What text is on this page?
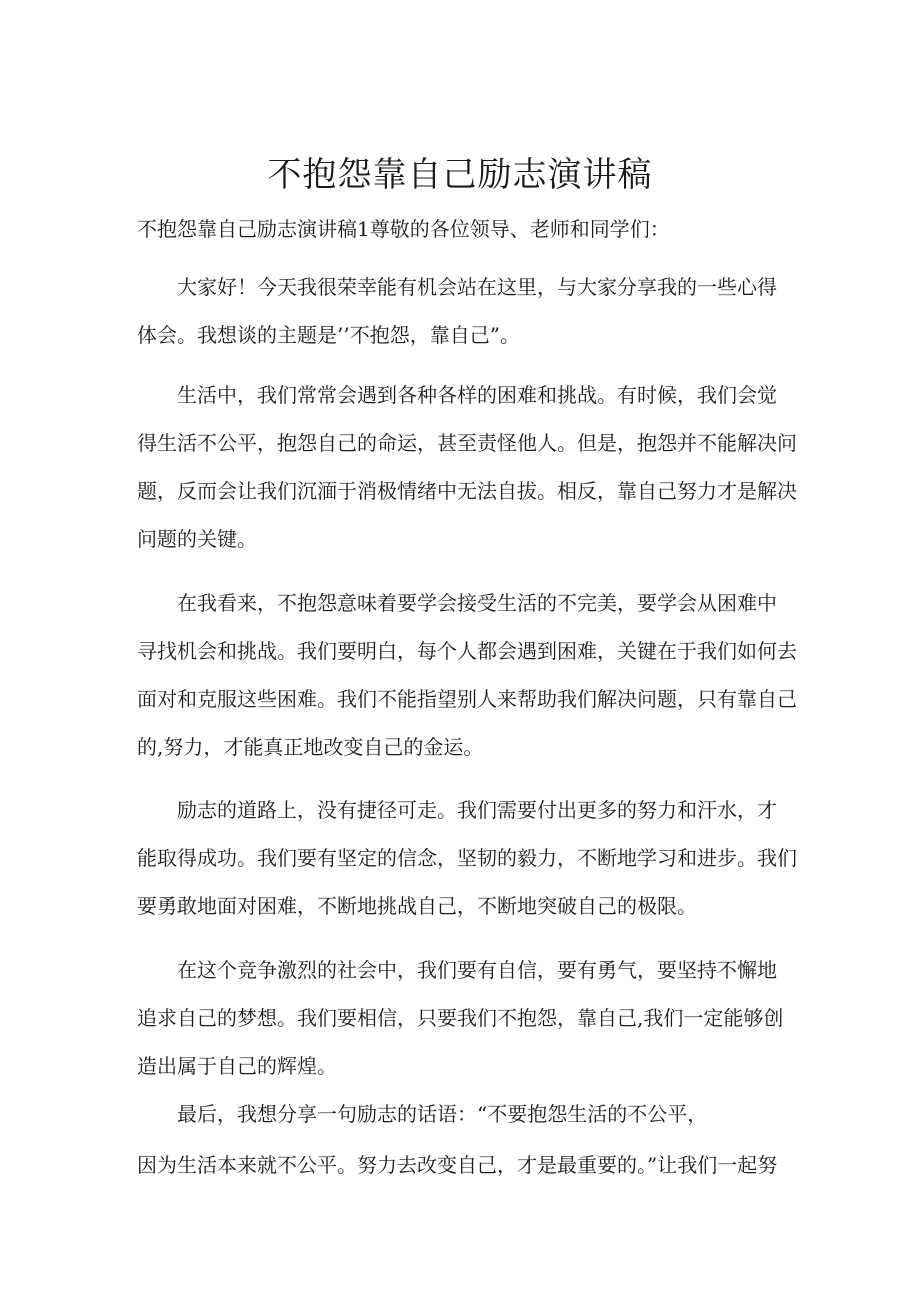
不抱怨靠自己励志演讲稿

不抱怨靠自己励志演讲稿1尊敬的各位领导、老师和同学们：

大家好！今天我很荣幸能有机会站在这里，与大家分享我的一些心得

体会。我想谈的主题是’’不抱怨，靠自己”。

生活中，我们常常会遇到各种各样的困难和挑战。有时候，我们会觉

得生活不公平，抱怨自己的命运，甚至责怪他人。但是，抱怨并不能解决问

题，反而会让我们沉湎于消极情绪中无法自拔。相反，靠自己努力才是解决

问题的关键。

在我看来，不抱怨意味着要学会接受生活的不完美，要学会从困难中

寻找机会和挑战。我们要明白，每个人都会遇到困难，关键在于我们如何去

面对和克服这些困难。我们不能指望别人来帮助我们解决问题，只有靠自己

的,努力，才能真正地改变自己的金运。

励志的道路上，没有捷径可走。我们需要付出更多的努力和汗水，才

能取得成功。我们要有坚定的信念，坚韧的毅力，不断地学习和进步。我们

要勇敢地面对困难，不断地挑战自己，不断地突破自己的极限。

在这个竞争激烈的社会中，我们要有自信，要有勇气，要坚持不懈地

追求自己的梦想。我们要相信，只要我们不抱怨，靠自己,我们一定能够创

造出属于自己的辉煌。

最后，我想分享一句励志的话语：“不要抱怨生活的不公平，

因为生活本来就不公平。努力去改变自己，才是最重要的。”让我们一起努
